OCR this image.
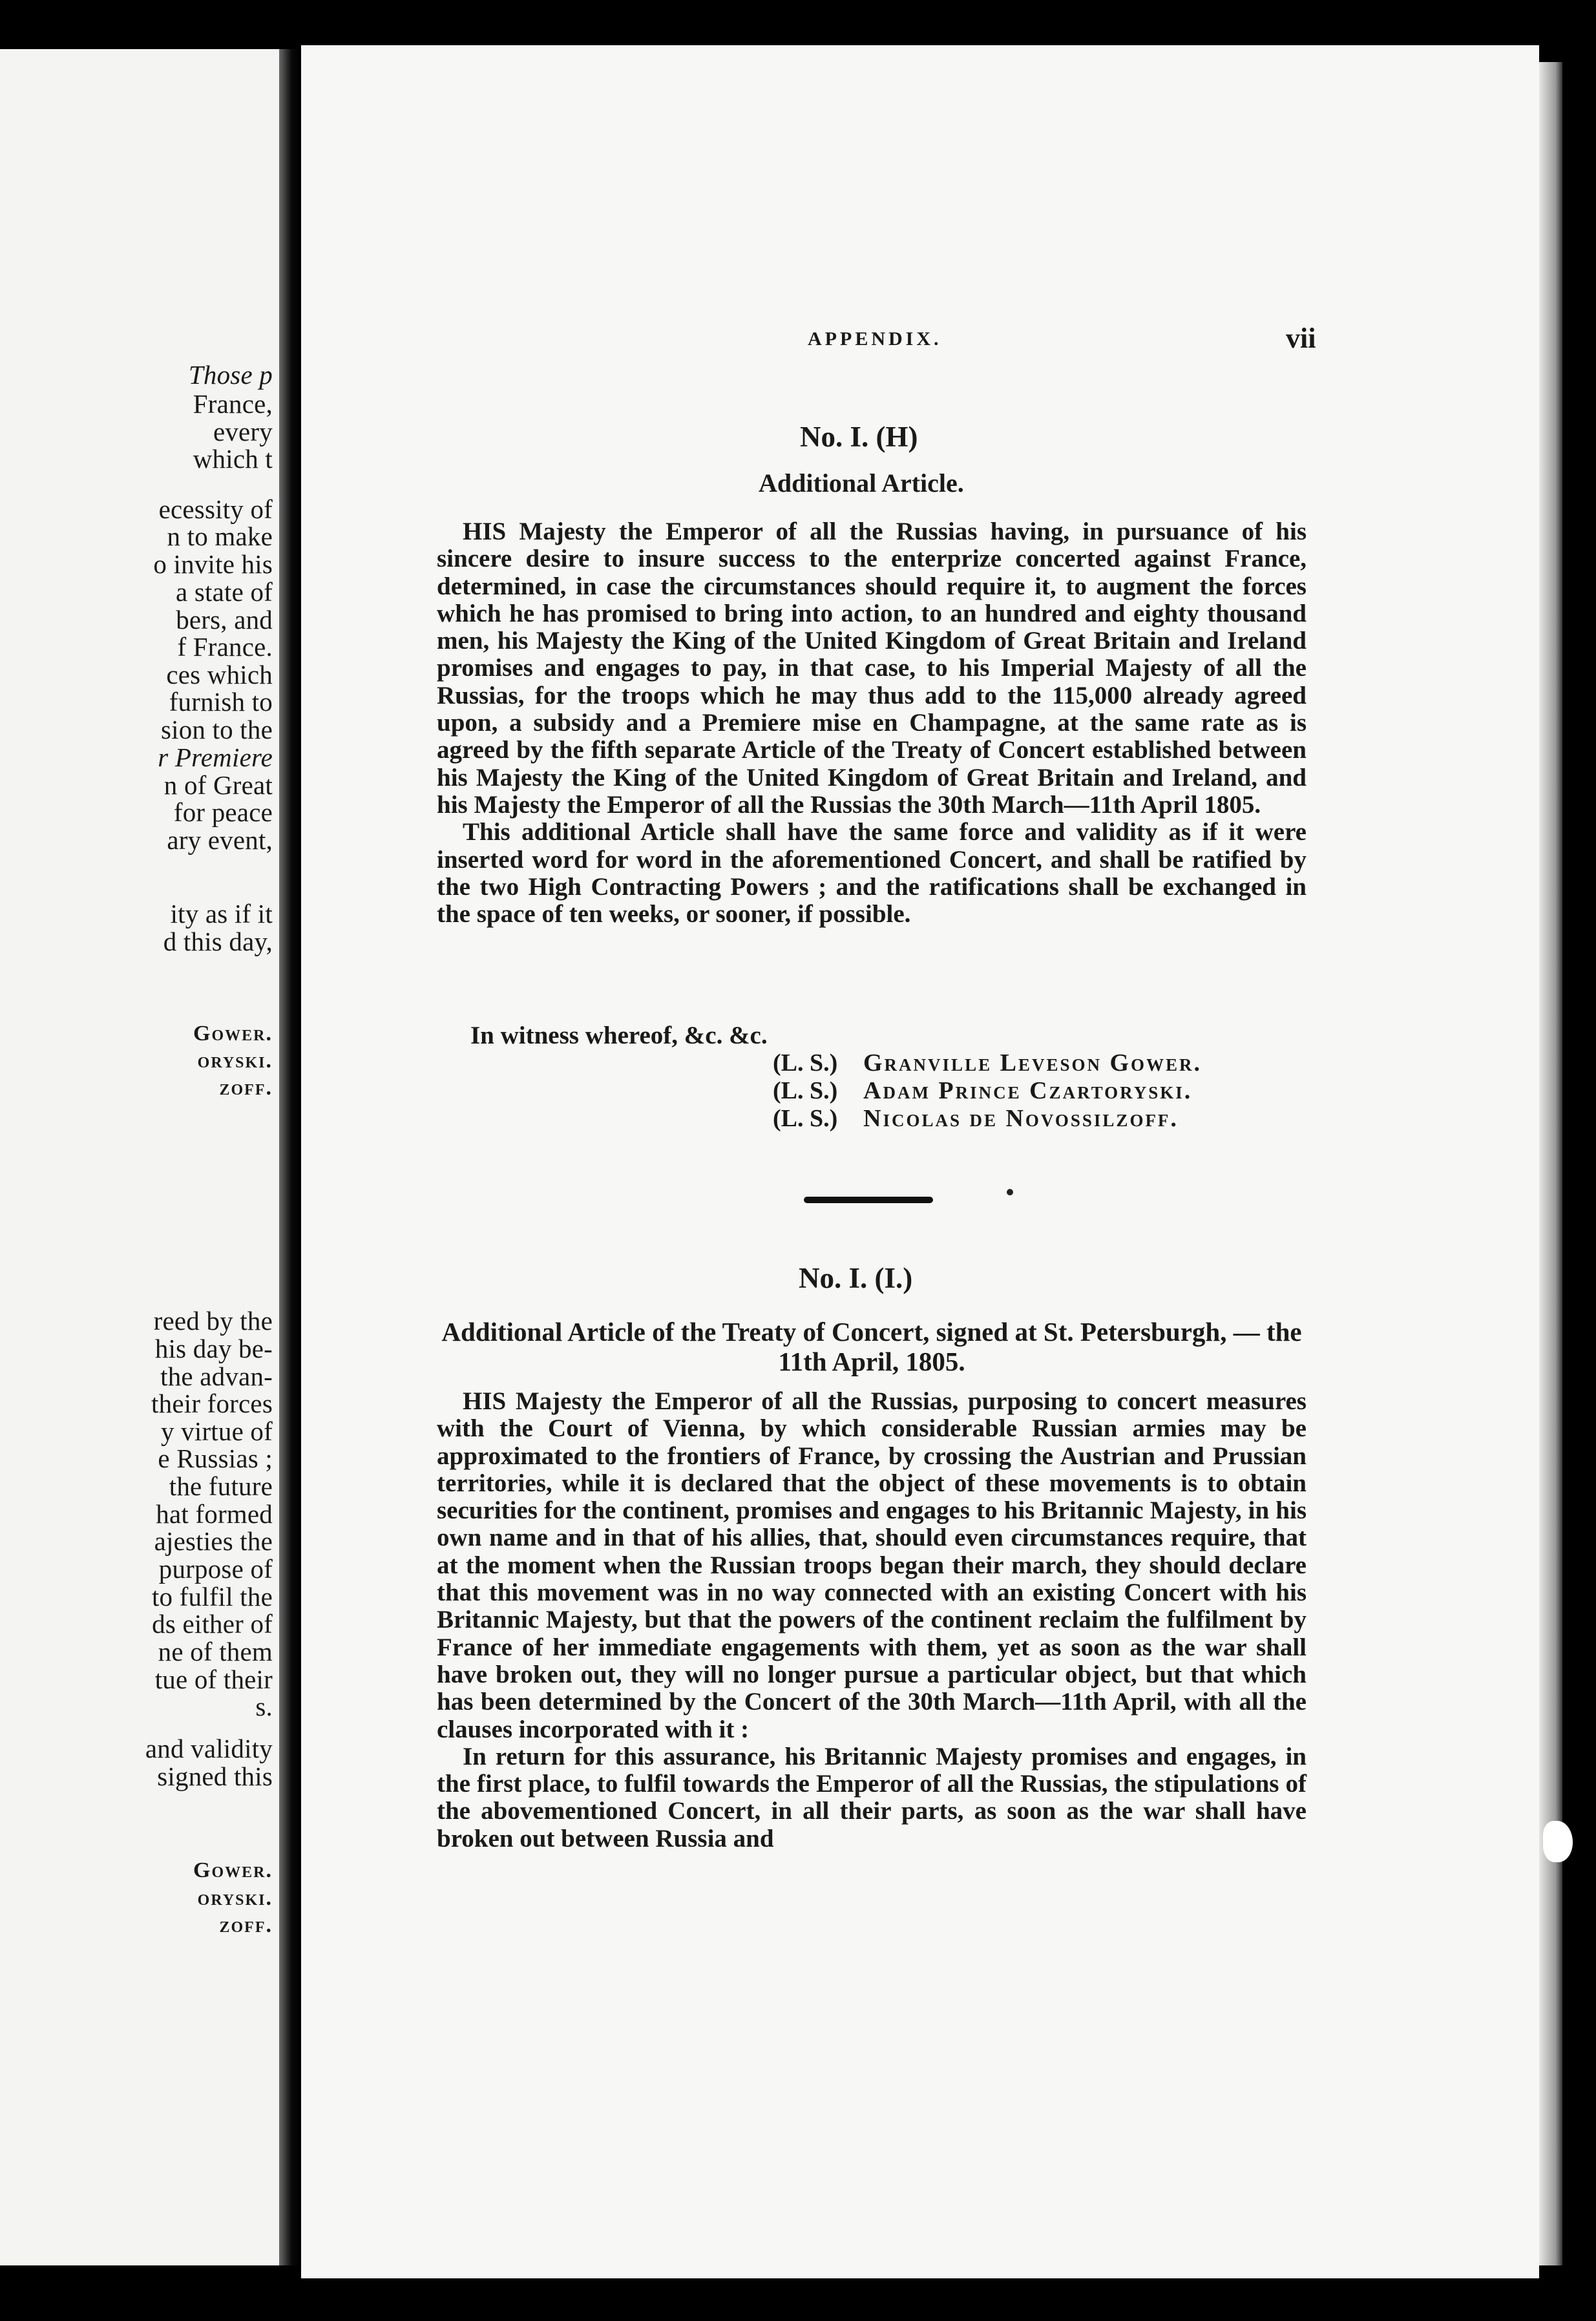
Those p
France,
every
which t
ecessity of
n to make
o invite his
a state of
bers, and
f France.
ces which
furnish to
sion to the
r Premiere
n of Great
for peace
ary event,
ity as if it
d this day,
Gower.
oryski.
zoff.
reed by the
his day be-
the advan-
their forces
y virtue of
e Russias ;
the future
hat formed
ajesties the
purpose of
to fulfil the
ds either of
ne of them
tue of their
s.
and validity
signed this
Gower.
oryski.
zoff.
APPENDIX.	vii
No. I. (H)
Additional Article.

HIS Majesty the Emperor of all the Russias having, in pursuance of his sincere desire to insure success to the enterprize concerted against France, determined, in case the circumstances should require it, to augment the forces which he has promised to bring into action, to an hundred and eighty thousand men, his Majesty the King of the United Kingdom of Great Britain and Ireland promises and engages to pay, in that case, to his Imperial Majesty of all the Russias, for the troops which he may thus add to the 115,000 already agreed upon, a subsidy and a Premiere mise en Champagne, at the same rate as is agreed by the fifth separate Article of the Treaty of Concert established between his Majesty the King of the United Kingdom of Great Britain and Ireland, and his Majesty the Emperor of all the Russias the 30th March—11th April 1805.

This additional Article shall have the same force and validity as if it were inserted word for word in the aforementioned Concert, and shall be ratified by the two High Contracting Powers ; and the ratifications shall be exchanged in the space of ten weeks, or sooner, if possible.

In witness whereof, &c. &c.
(L. S.) Granville Leveson Gower.
(L. S.) Adam Prince Czartoryski.
(L. S.) Nicolas de Novossilzoff.
No. I. (I.)
Additional Article of the Treaty of Concert, signed at St. Petersburgh, — the 11th April, 1805.

HIS Majesty the Emperor of all the Russias, purposing to concert measures with the Court of Vienna, by which considerable Russian armies may be approximated to the frontiers of France, by crossing the Austrian and Prussian territories, while it is declared that the object of these movements is to obtain securities for the continent, promises and engages to his Britannic Majesty, in his own name and in that of his allies, that, should even circumstances require, that at the moment when the Russian troops began their march, they should declare that this movement was in no way connected with an existing Concert with his Britannic Majesty, but that the powers of the continent reclaim the fulfilment by France of her immediate engagements with them, yet as soon as the war shall have broken out, they will no longer pursue a particular object, but that which has been determined by the Concert of the 30th March—11th April, with all the clauses incorporated with it :

In return for this assurance, his Britannic Majesty promises and engages, in the first place, to fulfil towards the Emperor of all the Russias, the stipulations of the abovementioned Concert, in all their parts, as soon as the war shall have broken out between Russia and
